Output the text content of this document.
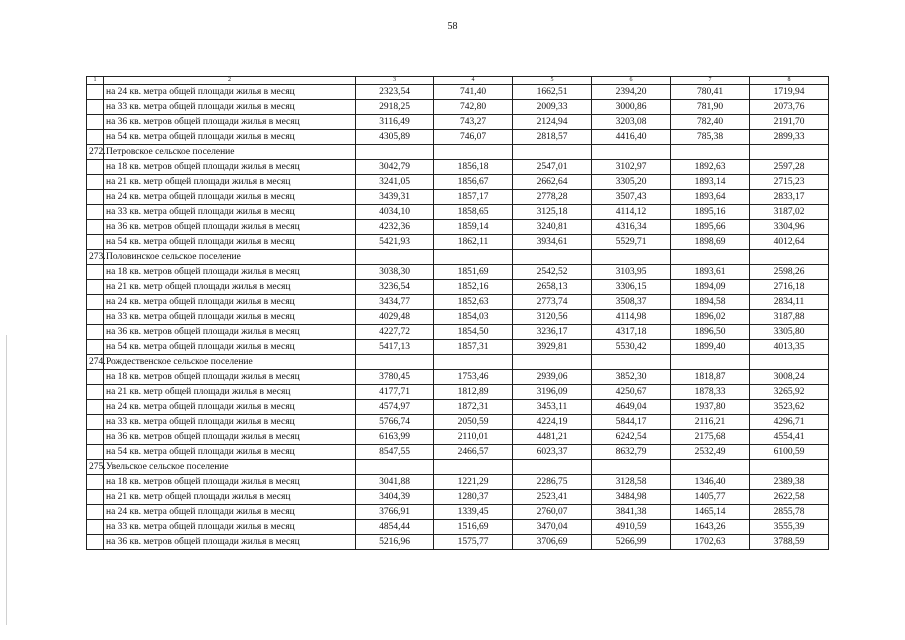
58
1	2	3	4	5	6	7	8
	на 24 кв. метра общей площади жилья в месяц	2323,54	741,40	1662,51	2394,20	780,41	1719,94
	на 33 кв. метра общей площади жилья в месяц	2918,25	742,80	2009,33	3000,86	781,90	2073,76
	на 36 кв. метров общей площади жилья в месяц	3116,49	743,27	2124,94	3203,08	782,40	2191,70
	на 54 кв. метра общей площади жилья в месяц	4305,89	746,07	2818,57	4416,40	785,38	2899,33
272.	Петровское сельское поселение						
	на 18 кв. метров общей площади жилья в месяц	3042,79	1856,18	2547,01	3102,97	1892,63	2597,28
	на 21 кв. метр общей площади жилья в месяц	3241,05	1856,67	2662,64	3305,20	1893,14	2715,23
	на 24 кв. метра общей площади жилья в месяц	3439,31	1857,17	2778,28	3507,43	1893,64	2833,17
	на 33 кв. метра общей площади жилья в месяц	4034,10	1858,65	3125,18	4114,12	1895,16	3187,02
	на 36 кв. метров общей площади жилья в месяц	4232,36	1859,14	3240,81	4316,34	1895,66	3304,96
	на 54 кв. метра общей площади жилья в месяц	5421,93	1862,11	3934,61	5529,71	1898,69	4012,64
273.	Половинское сельское поселение						
	на 18 кв. метров общей площади жилья в месяц	3038,30	1851,69	2542,52	3103,95	1893,61	2598,26
	на 21 кв. метр общей площади жилья в месяц	3236,54	1852,16	2658,13	3306,15	1894,09	2716,18
	на 24 кв. метра общей площади жилья в месяц	3434,77	1852,63	2773,74	3508,37	1894,58	2834,11
	на 33 кв. метра общей площади жилья в месяц	4029,48	1854,03	3120,56	4114,98	1896,02	3187,88
	на 36 кв. метров общей площади жилья в месяц	4227,72	1854,50	3236,17	4317,18	1896,50	3305,80
	на 54 кв. метра общей площади жилья в месяц	5417,13	1857,31	3929,81	5530,42	1899,40	4013,35
274.	Рождественское сельское поселение						
	на 18 кв. метров общей площади жилья в месяц	3780,45	1753,46	2939,06	3852,30	1818,87	3008,24
	на 21 кв. метр общей площади жилья в месяц	4177,71	1812,89	3196,09	4250,67	1878,33	3265,92
	на 24 кв. метра общей площади жилья в месяц	4574,97	1872,31	3453,11	4649,04	1937,80	3523,62
	на 33 кв. метра общей площади жилья в месяц	5766,74	2050,59	4224,19	5844,17	2116,21	4296,71
	на 36 кв. метров общей площади жилья в месяц	6163,99	2110,01	4481,21	6242,54	2175,68	4554,41
	на 54 кв. метра общей площади жилья в месяц	8547,55	2466,57	6023,37	8632,79	2532,49	6100,59
275.	Увельское сельское поселение						
	на 18 кв. метров общей площади жилья в месяц	3041,88	1221,29	2286,75	3128,58	1346,40	2389,38
	на 21 кв. метр общей площади жилья в месяц	3404,39	1280,37	2523,41	3484,98	1405,77	2622,58
	на 24 кв. метра общей площади жилья в месяц	3766,91	1339,45	2760,07	3841,38	1465,14	2855,78
	на 33 кв. метра общей площади жилья в месяц	4854,44	1516,69	3470,04	4910,59	1643,26	3555,39
	на 36 кв. метров общей площади жилья в месяц	5216,96	1575,77	3706,69	5266,99	1702,63	3788,59
